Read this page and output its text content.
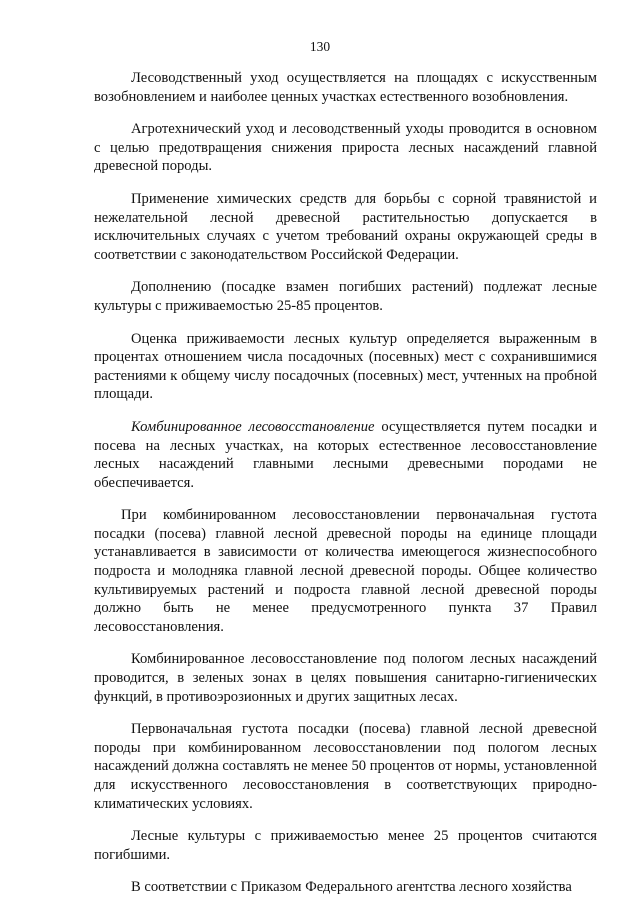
130

Лесоводственный уход осуществляется на площадях с искусственным возобновлением и наиболее ценных участках естественного возобновления.

Агротехнический уход и лесоводственный уходы проводится в основном с целью предотвращения снижения прироста лесных насаждений главной древесной породы.

Применение химических средств для борьбы с сорной травянистой и нежелательной лесной древесной растительностью допускается в исключительных случаях с учетом требований охраны окружающей среды в соответствии с законодательством Российской Федерации.

Дополнению (посадке взамен погибших растений) подлежат лесные культуры с приживаемостью 25-85 процентов.

Оценка приживаемости лесных культур определяется выраженным в процентах отношением числа посадочных (посевных) мест с сохранившимися растениями к общему числу посадочных (посевных) мест, учтенных на пробной площади.

Комбинированное лесовосстановление осуществляется путем посадки и посева на лесных участках, на которых естественное лесовосстановление лесных насаждений главными лесными древесными породами не обеспечивается.

При комбинированном лесовосстановлении первоначальная густота посадки (посева) главной лесной древесной породы на единице площади устанавливается в зависимости от количества имеющегося жизнеспособного подроста и молодняка главной лесной древесной породы. Общее количество культивируемых растений и подроста главной лесной древесной породы должно быть не менее предусмотренного пункта 37 Правил лесовосстановления.

Комбинированное лесовосстановление под пологом лесных насаждений проводится, в зеленых зонах в целях повышения санитарно-гигиенических функций, в противоэрозионных и других защитных лесах.

Первоначальная густота посадки (посева) главной лесной древесной породы при комбинированном лесовосстановлении под пологом лесных насаждений должна составлять не менее 50 процентов от нормы, установленной для искусственного лесовосстановления в соответствующих природно-климатических условиях.

Лесные культуры с приживаемостью менее 25 процентов считаются погибшими.

В соответствии с Приказом Федерального агентства лесного хозяйства
